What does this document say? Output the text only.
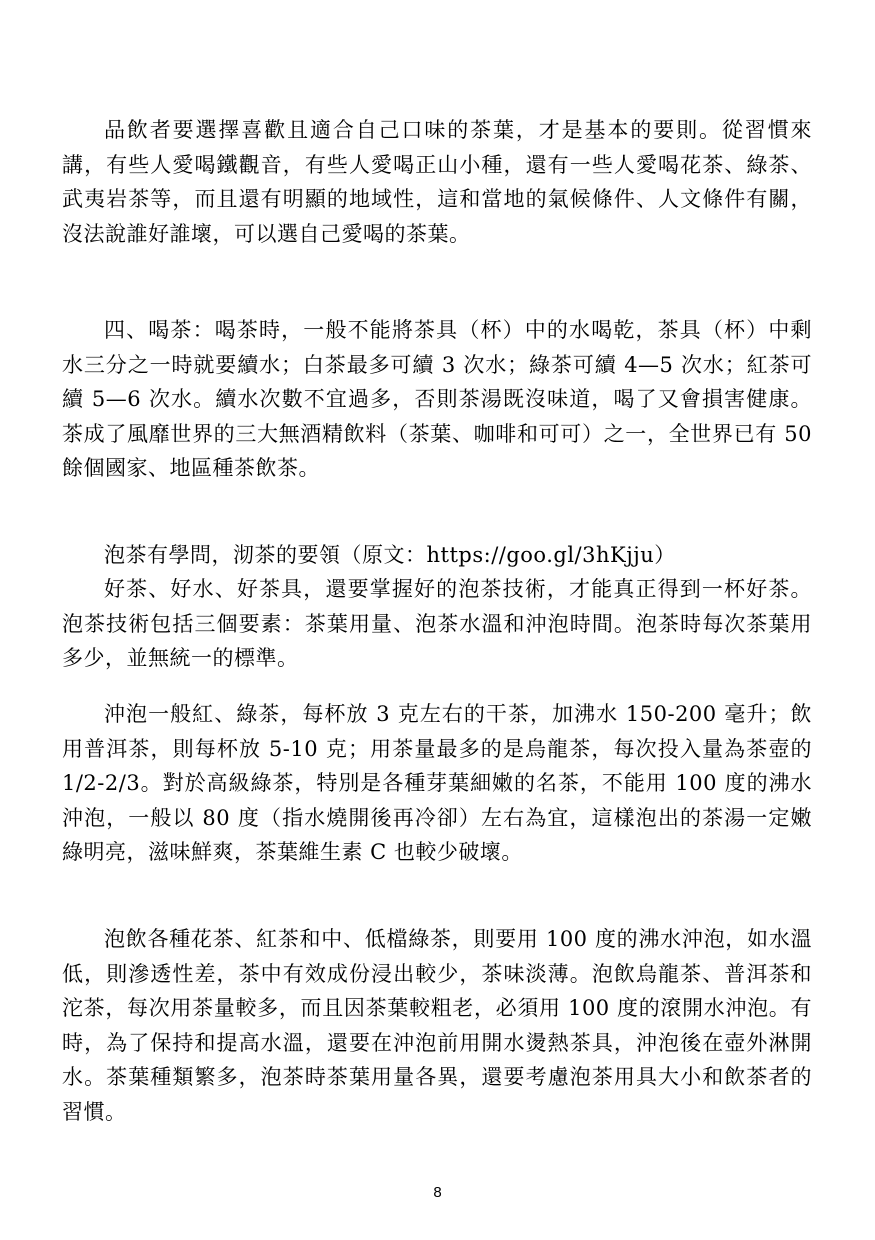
品飲者要選擇喜歡且適合自己口味的茶葉，才是基本的要則。從習慣來講，有些人愛喝鐵觀音，有些人愛喝正山小種，還有一些人愛喝花茶、綠茶、武夷岩茶等，而且還有明顯的地域性，這和當地的氣候條件、人文條件有關，沒法說誰好誰壞，可以選自己愛喝的茶葉。

四、喝茶：喝茶時，一般不能將茶具（杯）中的水喝乾，茶具（杯）中剩水三分之一時就要續水；白茶最多可續 3 次水；綠茶可續 4—5 次水；紅茶可續 5—6 次水。續水次數不宜過多，否則茶湯既沒味道，喝了又會損害健康。茶成了風靡世界的三大無酒精飲料（茶葉、咖啡和可可）之一，全世界已有 50 餘個國家、地區種茶飲茶。

泡茶有學問，沏茶的要領（原文：https://goo.gl/3hKjju）

好茶、好水、好茶具，還要掌握好的泡茶技術，才能真正得到一杯好茶。泡茶技術包括三個要素：茶葉用量、泡茶水溫和沖泡時間。泡茶時每次茶葉用多少，並無統一的標準。

沖泡一般紅、綠茶，每杯放 3 克左右的干茶，加沸水 150-200 毫升；飲用普洱茶，則每杯放 5-10 克；用茶量最多的是烏龍茶，每次投入量為茶壺的 1/2-2/3。對於高級綠茶，特別是各種芽葉細嫩的名茶，不能用 100 度的沸水沖泡，一般以 80 度（指水燒開後再冷卻）左右為宜，這樣泡出的茶湯一定嫩綠明亮，滋味鮮爽，茶葉維生素 C 也較少破壞。

泡飲各種花茶、紅茶和中、低檔綠茶，則要用 100 度的沸水沖泡，如水溫低，則滲透性差，茶中有效成份浸出較少，茶味淡薄。泡飲烏龍茶、普洱茶和沱茶，每次用茶量較多，而且因茶葉較粗老，必須用 100 度的滾開水沖泡。有時，為了保持和提高水溫，還要在沖泡前用開水燙熱茶具，沖泡後在壺外淋開水。茶葉種類繁多，泡茶時茶葉用量各異，還要考慮泡茶用具大小和飲茶者的習慣。

8
